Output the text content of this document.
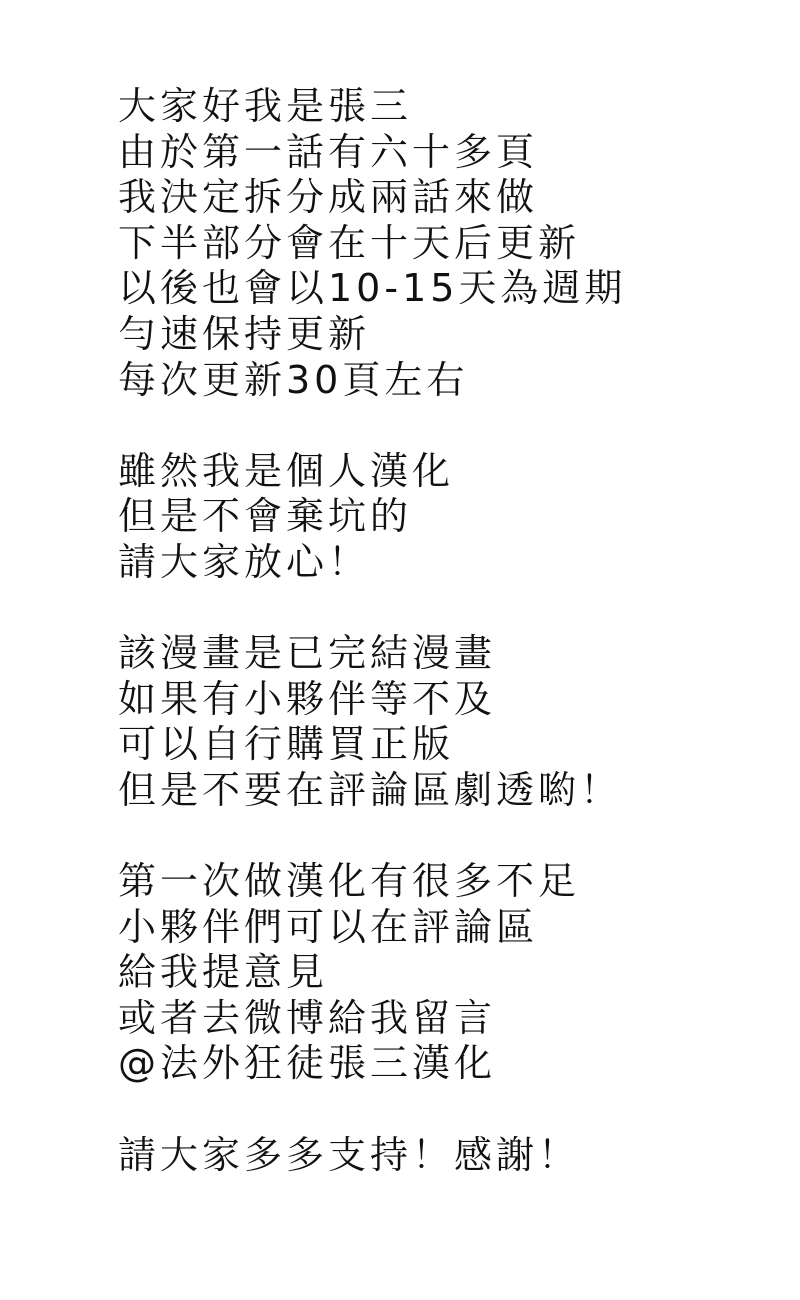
大家好我是張三
由於第一話有六十多頁
我決定拆分成兩話來做
下半部分會在十天后更新
以後也會以10-15天為週期
勻速保持更新
每次更新30頁左右
雖然我是個人漢化
但是不會棄坑的
請大家放心！
該漫畫是已完結漫畫
如果有小夥伴等不及
可以自行購買正版
但是不要在評論區劇透喲！
第一次做漢化有很多不足
小夥伴們可以在評論區
給我提意見
或者去微博給我留言
@法外狂徒張三漢化
請大家多多支持！感謝！
